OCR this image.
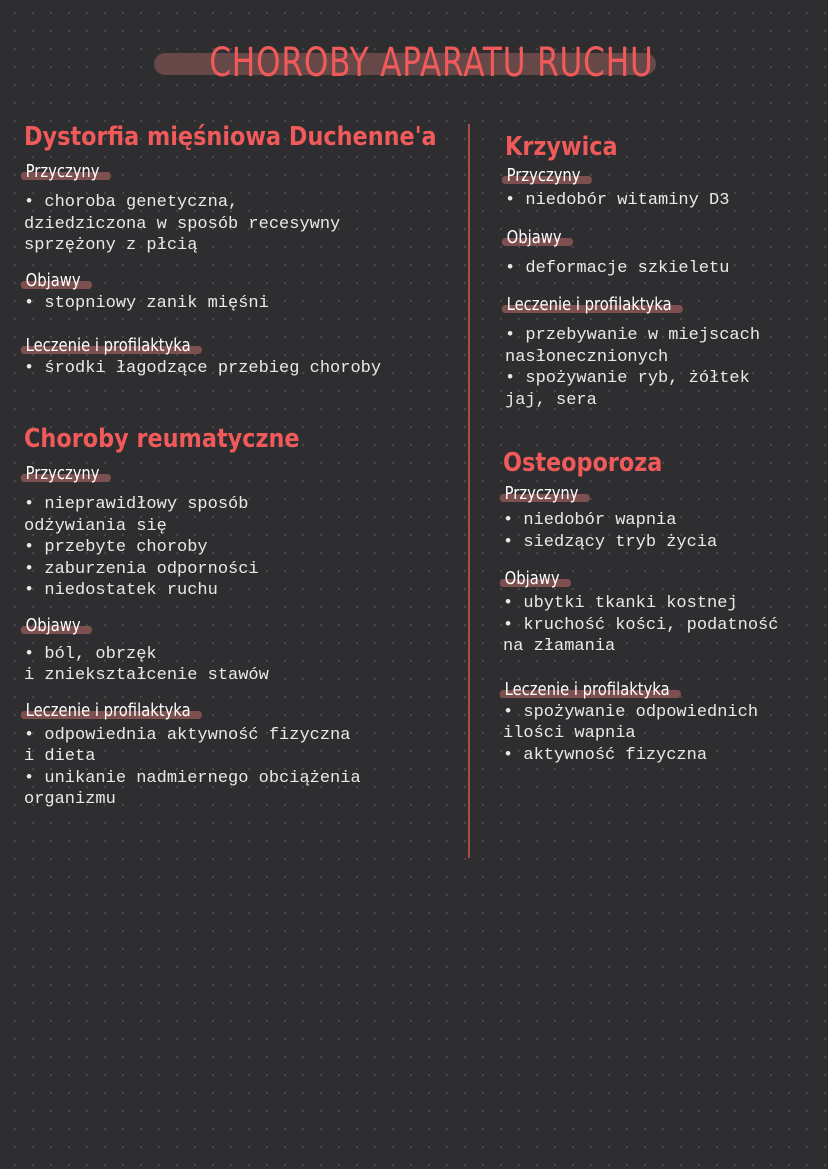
CHOROBY APARATU RUCHU
Dystorfia mięśniowa Duchenne'a
Przyczyny

• choroba genetyczna,

dziedziczona w sposób recesywny

sprzężony z płcią

Objawy

• stopniowy zanik mięśni

Leczenie i profilaktyka

• środki łagodzące przebieg choroby

Choroby reumatyczne
Przyczyny

• nieprawidłowy sposób

odżywiania się

• przebyte choroby

• zaburzenia odporności

• niedostatek ruchu

Objawy

• ból, obrzęk

i zniekształcenie stawów

Leczenie i profilaktyka

• odpowiednia aktywność fizyczna

i dieta

• unikanie nadmiernego obciążenia

organizmu

Krzywica
Przyczyny

• niedobór witaminy D3

Objawy

• deformacje szkieletu

Leczenie i profilaktyka

• przebywanie w miejscach

nasłonecznionych

• spożywanie ryb, żółtek

jaj, sera

Osteoporoza
Przyczyny

• niedobór wapnia

• siedzący tryb życia

Objawy

• ubytki tkanki kostnej

• kruchość kości, podatność

na złamania

Leczenie i profilaktyka

• spożywanie odpowiednich

ilości wapnia

• aktywność fizyczna
